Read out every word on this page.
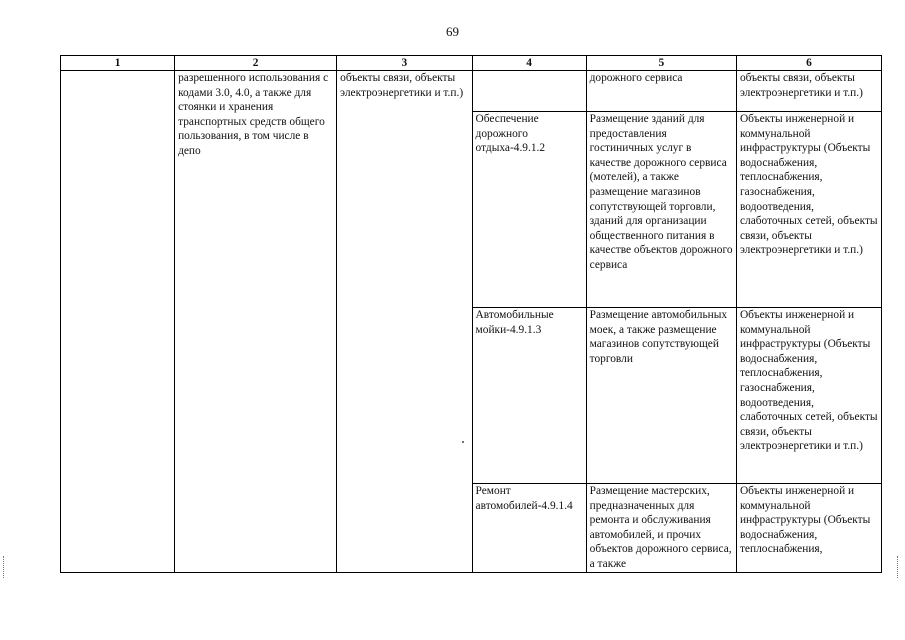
69
1	2	3	4	5	6
	разрешенного использования с кодами 3.0, 4.0, а также для стоянки и хранения транспортных средств общего пользования, в том числе в депо	объекты связи, объекты электроэнергетики и т.п.)		дорожного сервиса	объекты связи, объекты электроэнергетики и т.п.)
			Обеспечение дорожного отдыха-4.9.1.2	Размещение зданий для предоставления гостиничных услуг в качестве дорожного сервиса (мотелей), а также размещение магазинов сопутствующей торговли, зданий для организации общественного питания в качестве объектов дорожного сервиса	Объекты инженерной и коммунальной инфраструктуры (Объекты водоснабжения, теплоснабжения, газоснабжения, водоотведения, слаботочных сетей, объекты связи, объекты электроэнергетики и т.п.)
			Автомобильные мойки-4.9.1.3	Размещение автомобильных моек, а также размещение магазинов сопутствующей торговли	Объекты инженерной и коммунальной инфраструктуры (Объекты водоснабжения, теплоснабжения, газоснабжения, водоотведения, слаботочных сетей, объекты связи, объекты электроэнергетики и т.п.)
			Ремонт автомобилей-4.9.1.4	Размещение мастерских, предназначенных для ремонта и обслуживания автомобилей, и прочих объектов дорожного сервиса, а также	Объекты инженерной и коммунальной инфраструктуры (Объекты водоснабжения, теплоснабжения,
